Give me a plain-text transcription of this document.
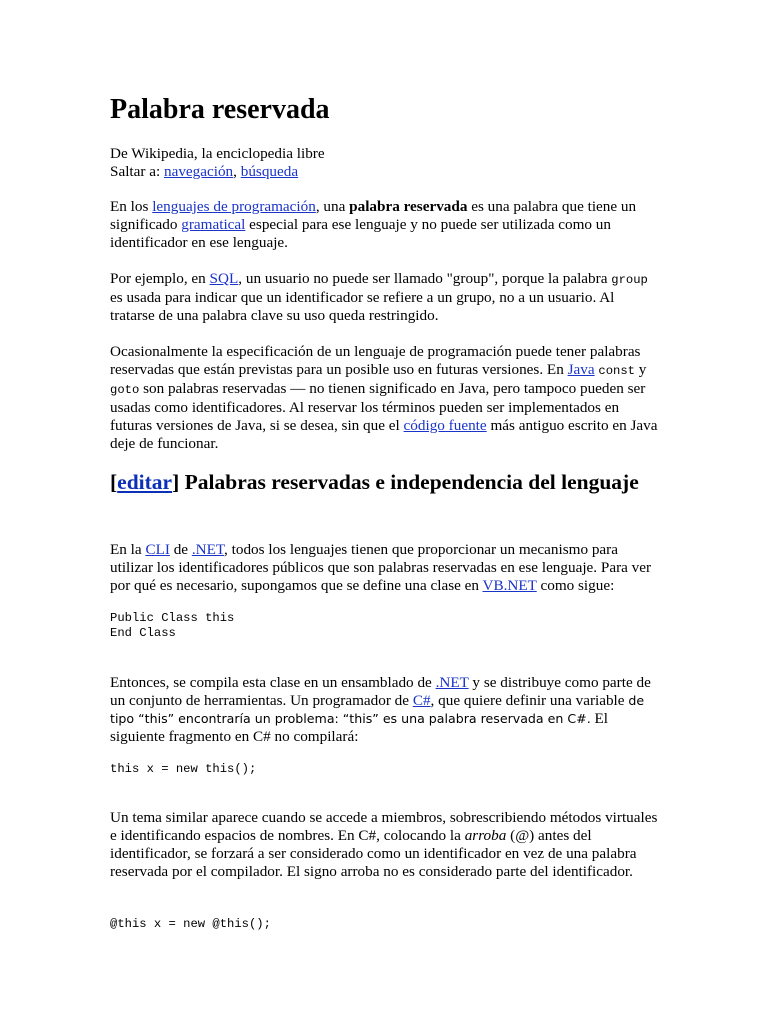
Palabra reservada
De Wikipedia, la enciclopedia libre
Saltar a: navegación, búsqueda

En los lenguajes de programación, una palabra reservada es una palabra que tiene un significado gramatical especial para ese lenguaje y no puede ser utilizada como un identificador en ese lenguaje.

Por ejemplo, en SQL, un usuario no puede ser llamado "group", porque la palabra group es usada para indicar que un identificador se refiere a un grupo, no a un usuario. Al tratarse de una palabra clave su uso queda restringido.

Ocasionalmente la especificación de un lenguaje de programación puede tener palabras reservadas que están previstas para un posible uso en futuras versiones. En Java const y goto son palabras reservadas — no tienen significado en Java, pero tampoco pueden ser usadas como identificadores. Al reservar los términos pueden ser implementados en futuras versiones de Java, si se desea, sin que el código fuente más antiguo escrito en Java deje de funcionar.

[editar] Palabras reservadas e independencia del lenguaje

En la CLI de .NET, todos los lenguajes tienen que proporcionar un mecanismo para utilizar los identificadores públicos que son palabras reservadas en ese lenguaje. Para ver por qué es necesario, supongamos que se define una clase en VB.NET como sigue:

Public Class this
End Class

Entonces, se compila esta clase en un ensamblado de .NET y se distribuye como parte de un conjunto de herramientas. Un programador de C#, que quiere definir una variable de tipo “this” encontraría un problema: “this” es una palabra reservada en C#. El siguiente fragmento en C# no compilará:

this x = new this();

Un tema similar aparece cuando se accede a miembros, sobrescribiendo métodos virtuales e identificando espacios de nombres. En C#, colocando la arroba (@) antes del identificador, se forzará a ser considerado como un identificador en vez de una palabra reservada por el compilador. El signo arroba no es considerado parte del identificador.

@this x = new @this();
